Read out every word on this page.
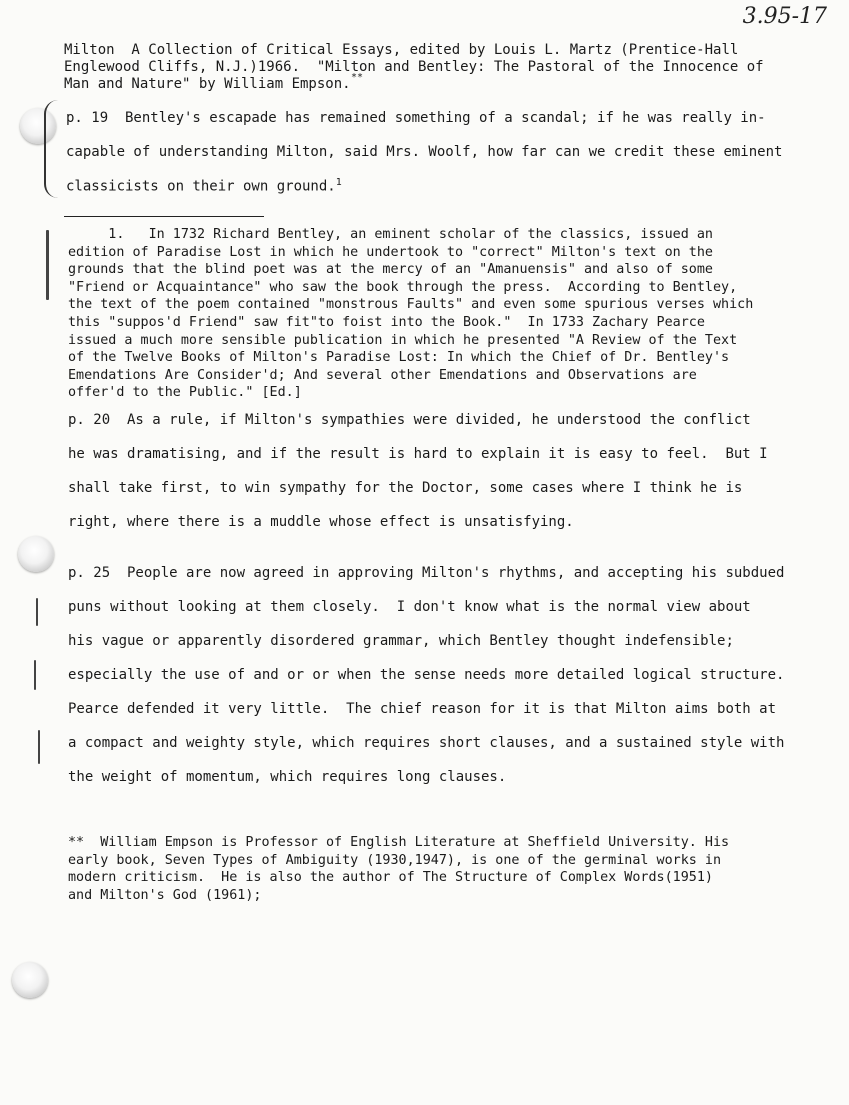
3.95-17
Milton  A Collection of Critical Essays, edited by Louis L. Martz (Prentice-Hall
Englewood Cliffs, N.J.)1966.  "Milton and Bentley: The Pastoral of the Innocence of
Man and Nature" by William Empson. **
p. 19  Bentley's escapade has remained something of a scandal; if he was really in-
capable of understanding Milton, said Mrs. Woolf, how far can we credit these eminent
classicists on their own ground.$^1$
1.   In 1732 Richard Bentley, an eminent scholar of the classics, issued an
edition of Paradise Lost in which he undertook to "correct" Milton's text on the
grounds that the blind poet was at the mercy of an "Amanuensis" and also of some
"Friend or Acquaintance" who saw the book through the press.  According to Bentley,
the text of the poem contained "monstrous Faults" and even some spurious verses which
this "suppos'd Friend" saw fit"to foist into the Book."  In 1733 Zachary Pearce
issued a much more sensible publication in which he presented "A Review of the Text
of the Twelve Books of Milton's Paradise Lost: In which the Chief of Dr. Bentley's
Emendations Are Consider'd; And several other Emendations and Observations are
offer'd to the Public." [Ed.]
p. 20  As a rule, if Milton's sympathies were divided, he understood the conflict
he was dramatising, and if the result is hard to explain it is easy to feel.  But I
shall take first, to win sympathy for the Doctor, some cases where I think he is
right, where there is a muddle whose effect is unsatisfying.
p. 25  People are now agreed in approving Milton's rhythms, and accepting his subdued
puns without looking at them closely.  I don't know what is the normal view about
his vague or apparently disordered grammar, which Bentley thought indefensible;
especially the use of and or or when the sense needs more detailed logical structure.
Pearce defended it very little.  The chief reason for it is that Milton aims both at
a compact and weighty style, which requires short clauses, and a sustained style with
the weight of momentum, which requires long clauses.
**  William Empson is Professor of English Literature at Sheffield University. His
early book, Seven Types of Ambiguity (1930,1947), is one of the germinal works in
modern criticism.  He is also the author of The Structure of Complex Words(1951)
and Milton's God (1961);
